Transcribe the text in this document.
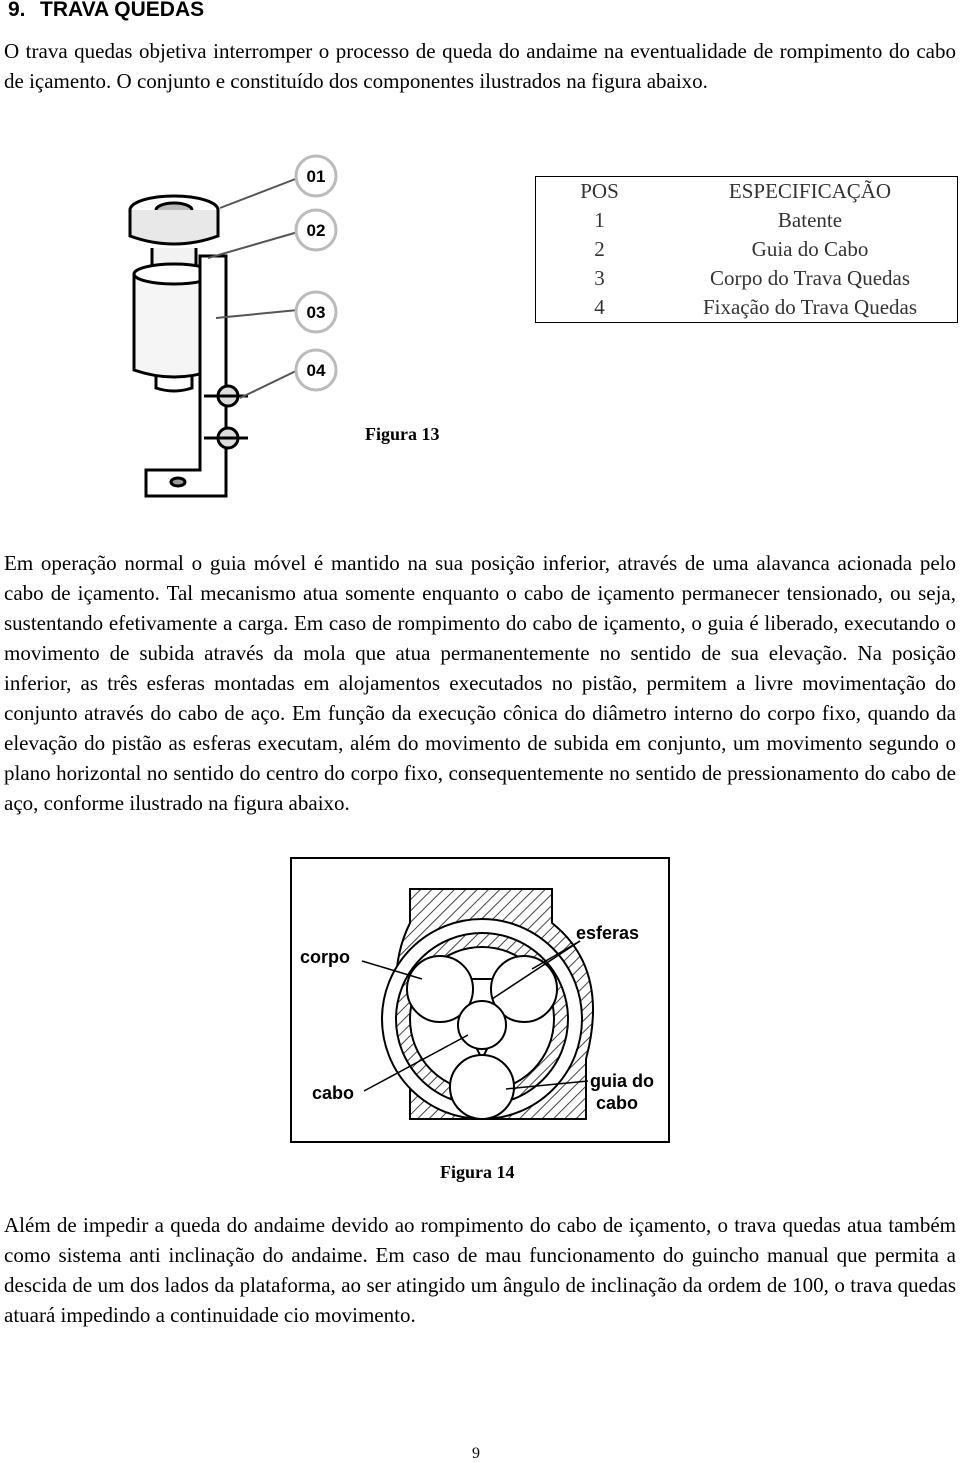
9. TRAVA QUEDAS

O trava quedas objetiva interromper o processo de queda do andaime na eventualidade de rompimento do cabo de içamento. O conjunto e constituído dos componentes ilustrados na figura abaixo.

01
02
03
04
POS	ESPECIFICAÇÃO
1	Batente
2	Guia do Cabo
3	Corpo do Trava Quedas
4	Fixação do Trava Quedas

Figura 13

Em operação normal o guia móvel é mantido na sua posição inferior, através de uma alavanca acionada pelo cabo de içamento. Tal mecanismo atua somente enquanto o cabo de içamento permanecer tensionado, ou seja, sustentando efetivamente a carga. Em caso de rompimento do cabo de içamento, o guia é liberado, executando o movimento de subida através da mola que atua permanentemente no sentido de sua elevação. Na posição inferior, as três esferas montadas em alojamentos executados no pistão, permitem a livre movimentação do conjunto através do cabo de aço. Em função da execução cônica do diâmetro interno do corpo fixo, quando da elevação do pistão as esferas executam, além do movimento de subida em conjunto, um movimento segundo o plano horizontal no sentido do centro do corpo fixo, consequentemente no sentido de pressionamento do cabo de aço, conforme ilustrado na figura abaixo.

corpo
esferas
cabo
guia do
cabo

Figura 14

Além de impedir a queda do andaime devido ao rompimento do cabo de içamento, o trava quedas atua também como sistema anti inclinação do andaime. Em caso de mau funcionamento do guincho manual que permita a descida de um dos lados da plataforma, ao ser atingido um ângulo de inclinação da ordem de 100, o trava quedas atuará impedindo a continuidade cio movimento.

9
